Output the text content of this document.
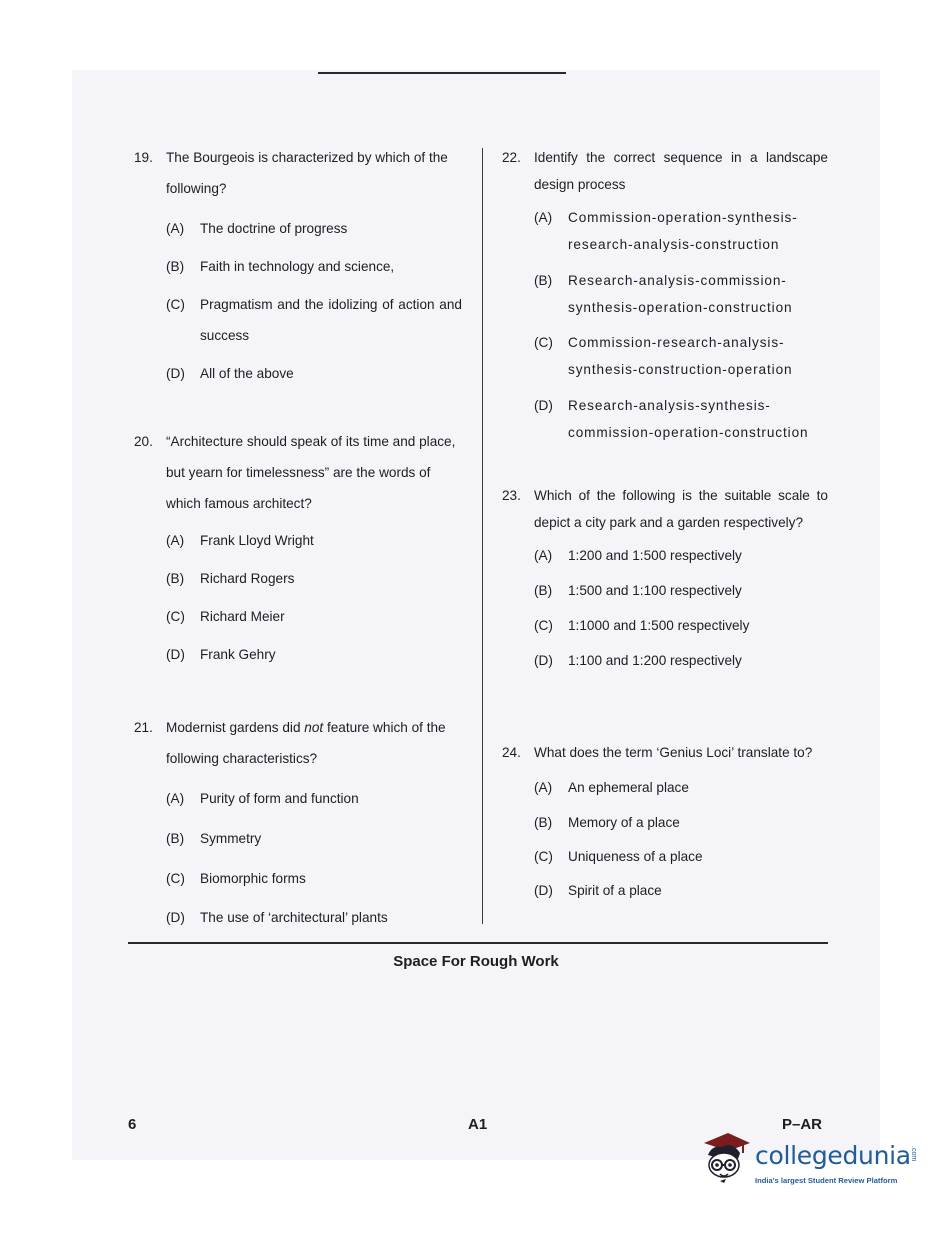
19. The Bourgeois is characterized by which of the following?
(A)	The doctrine of progress
(B)	Faith in technology and science,
(C)	Pragmatism and the idolizing of action and success
(D)	All of the above
20. “Architecture should speak of its time and place, but yearn for timelessness” are the words of which famous architect?
(A)	Frank Lloyd Wright
(B)	Richard Rogers
(C)	Richard Meier
(D)	Frank Gehry
21. Modernist gardens did not feature which of the following characteristics?
(A)	Purity of form and function
(B)	Symmetry
(C)	Biomorphic forms
(D)	The use of ‘architectural’ plants
22. Identify the correct sequence in a landscape design process
(A)	Commission-operation-synthesis-research-analysis-construction
(B)	Research-analysis-commission-synthesis-operation-construction
(C)	Commission-research-analysis-synthesis-construction-operation
(D)	Research-analysis-synthesis-commission-operation-construction
23. Which of the following is the suitable scale to depict a city park and a garden respectively?
(A)	1:200 and 1:500 respectively
(B)	1:500 and 1:100 respectively
(C)	1:1000 and 1:500 respectively
(D)	1:100 and 1:200 respectively
24. What does the term ‘Genius Loci’ translate to?
(A)	An ephemeral place
(B)	Memory of a place
(C)	Uniqueness of a place
(D)	Spirit of a place
Space For Rough Work
6	A1	P–AR
collegedunia .com
India's largest Student Review Platform
